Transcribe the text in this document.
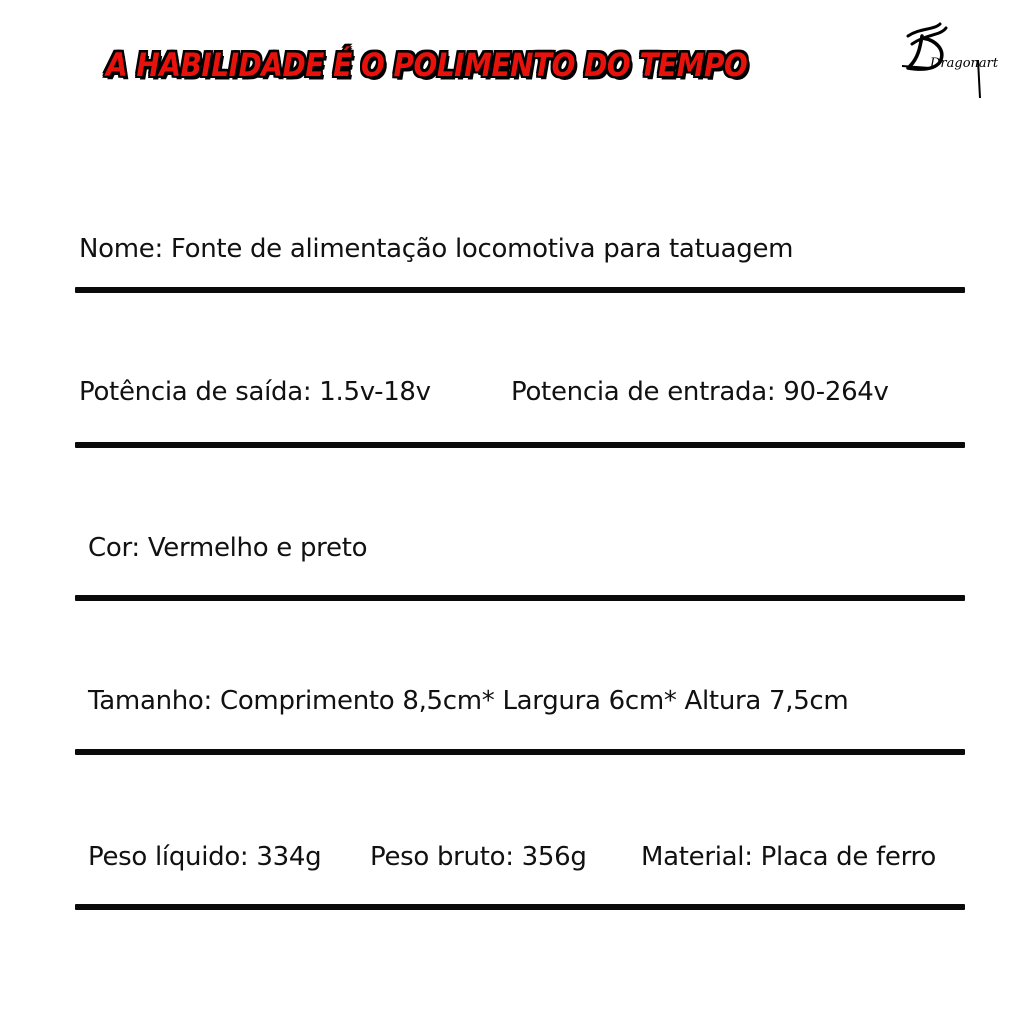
A HABILIDADE É O POLIMENTO DO TEMPO	Dragonart
Nome: Fonte de alimentação locomotiva para tatuagem
Potência de saída: 1.5v-18v	Potencia de entrada: 90-264v
Cor: Vermelho e preto
Tamanho: Comprimento 8,5cm* Largura 6cm* Altura 7,5cm
Peso líquido: 334g Peso bruto: 356g Material: Placa de ferro
